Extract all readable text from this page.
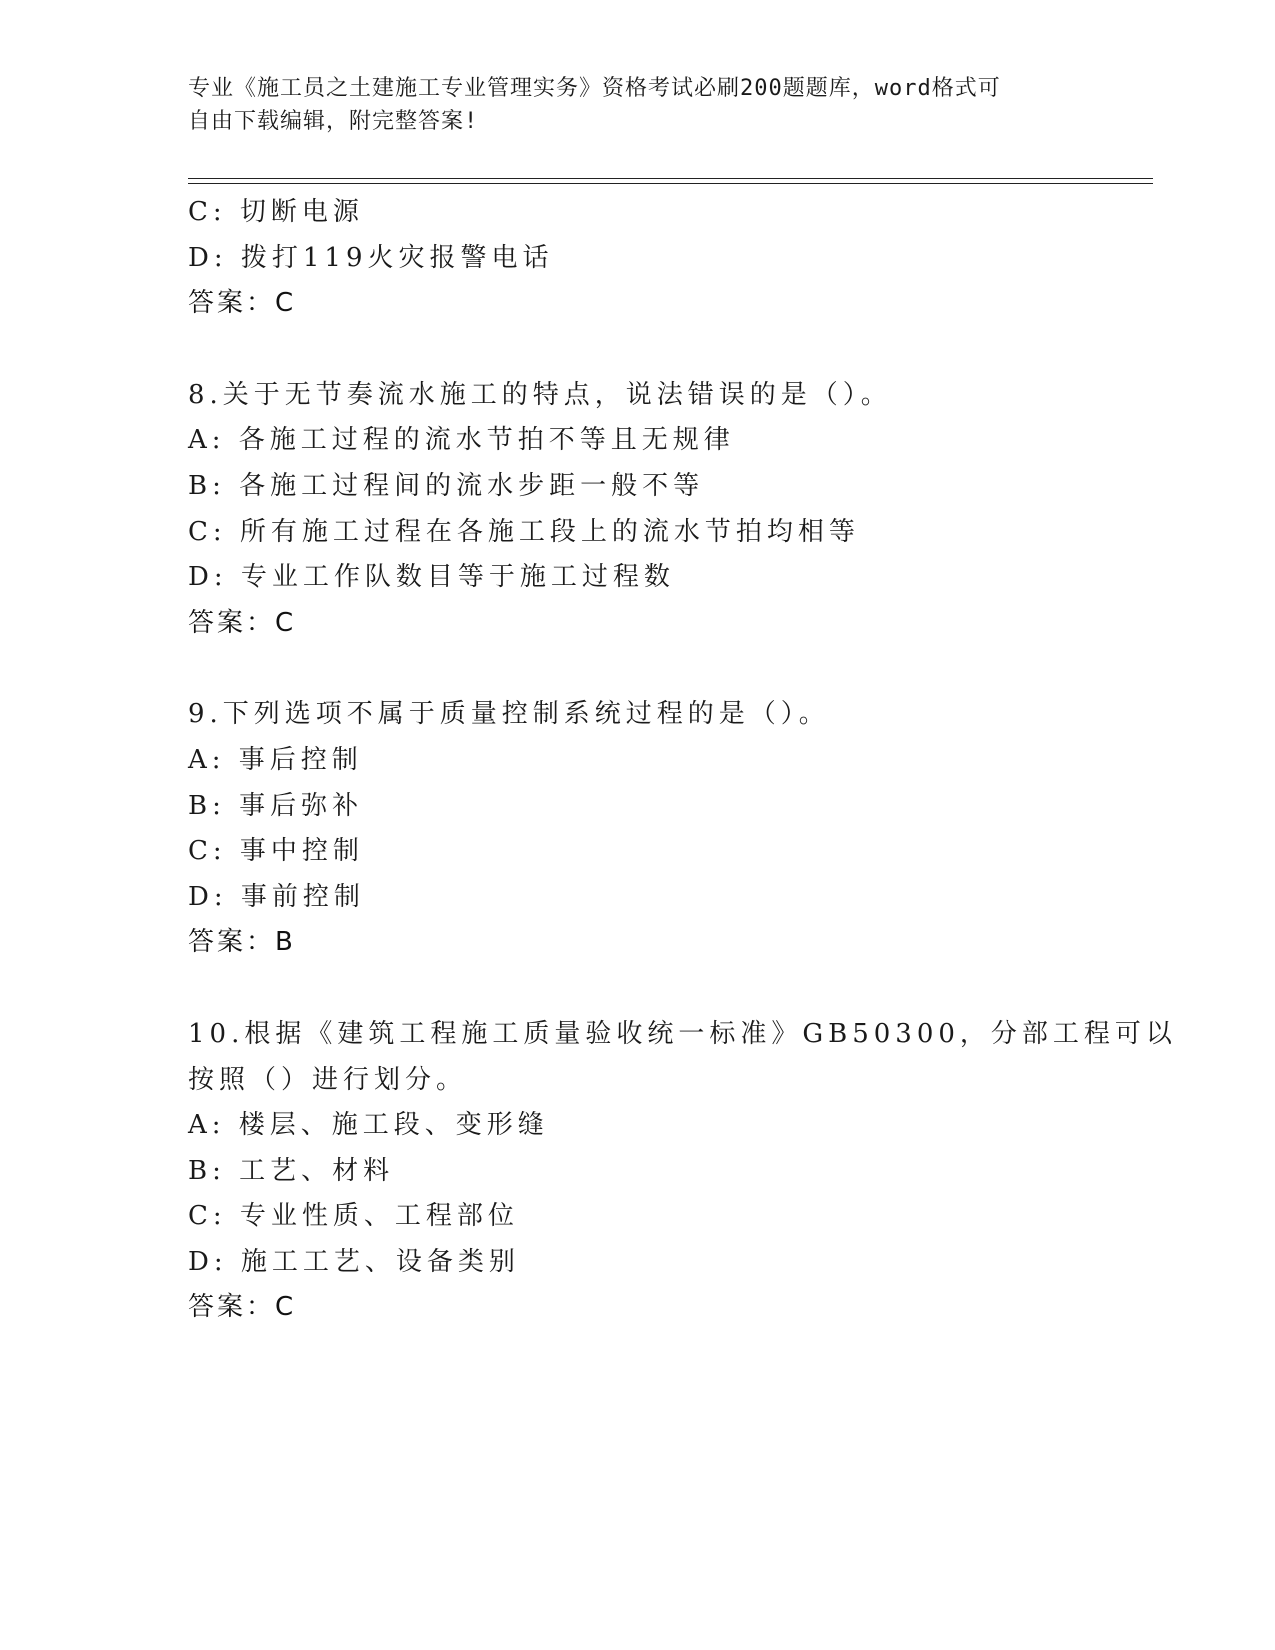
专业《施工员之土建施工专业管理实务》资格考试必刷200题题库，word格式可
自由下载编辑，附完整答案!
C: 切断电源
D: 拨打119火灾报警电话
答案：C
8.关于无节奏流水施工的特点，说法错误的是（）。
A: 各施工过程的流水节拍不等且无规律
B: 各施工过程间的流水步距一般不等
C: 所有施工过程在各施工段上的流水节拍均相等
D: 专业工作队数目等于施工过程数
答案：C
9.下列选项不属于质量控制系统过程的是（）。
A: 事后控制
B: 事后弥补
C: 事中控制
D: 事前控制
答案：B
10.根据《建筑工程施工质量验收统一标准》GB50300，分部工程可以
按照（）进行划分。
A: 楼层、施工段、变形缝
B: 工艺、材料
C: 专业性质、工程部位
D: 施工工艺、设备类别
答案：C
